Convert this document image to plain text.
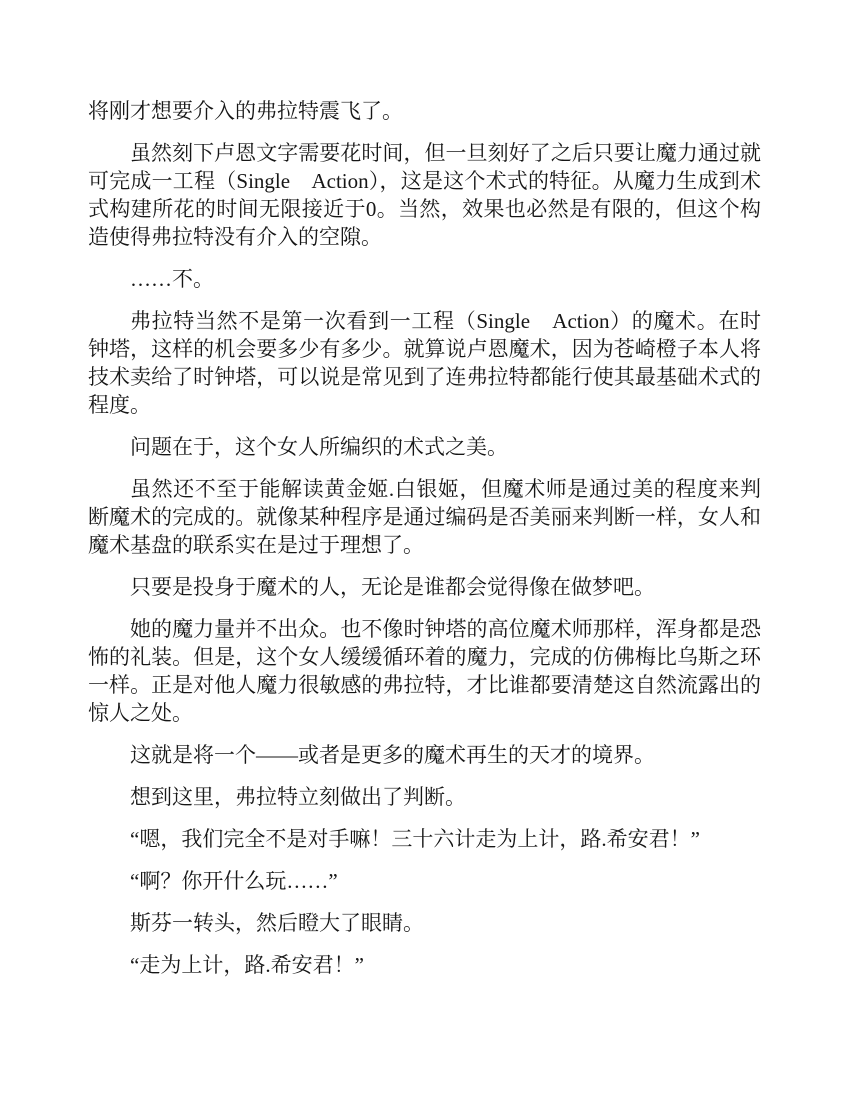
将刚才想要介入的弗拉特震飞了。

虽然刻下卢恩文字需要花时间，但一旦刻好了之后只要让魔力通过就可完成一工程（Single　Action），这是这个术式的特征。从魔力生成到术式构建所花的时间无限接近于0。当然，效果也必然是有限的，但这个构造使得弗拉特没有介入的空隙。

……不。

弗拉特当然不是第一次看到一工程（Single　Action）的魔术。在时钟塔，这样的机会要多少有多少。就算说卢恩魔术，因为苍崎橙子本人将技术卖给了时钟塔，可以说是常见到了连弗拉特都能行使其最基础术式的程度。

问题在于，这个女人所编织的术式之美。

虽然还不至于能解读黄金姬.白银姬，但魔术师是通过美的程度来判断魔术的完成的。就像某种程序是通过编码是否美丽来判断一样，女人和魔术基盘的联系实在是过于理想了。

只要是投身于魔术的人，无论是谁都会觉得像在做梦吧。

她的魔力量并不出众。也不像时钟塔的高位魔术师那样，浑身都是恐怖的礼装。但是，这个女人缓缓循环着的魔力，完成的仿佛梅比乌斯之环一样。正是对他人魔力很敏感的弗拉特，才比谁都要清楚这自然流露出的惊人之处。

这就是将一个——或者是更多的魔术再生的天才的境界。

想到这里，弗拉特立刻做出了判断。

“嗯，我们完全不是对手嘛！三十六计走为上计，路.希安君！”

“啊？你开什么玩……”

斯芬一转头，然后瞪大了眼睛。

“走为上计，路.希安君！”
